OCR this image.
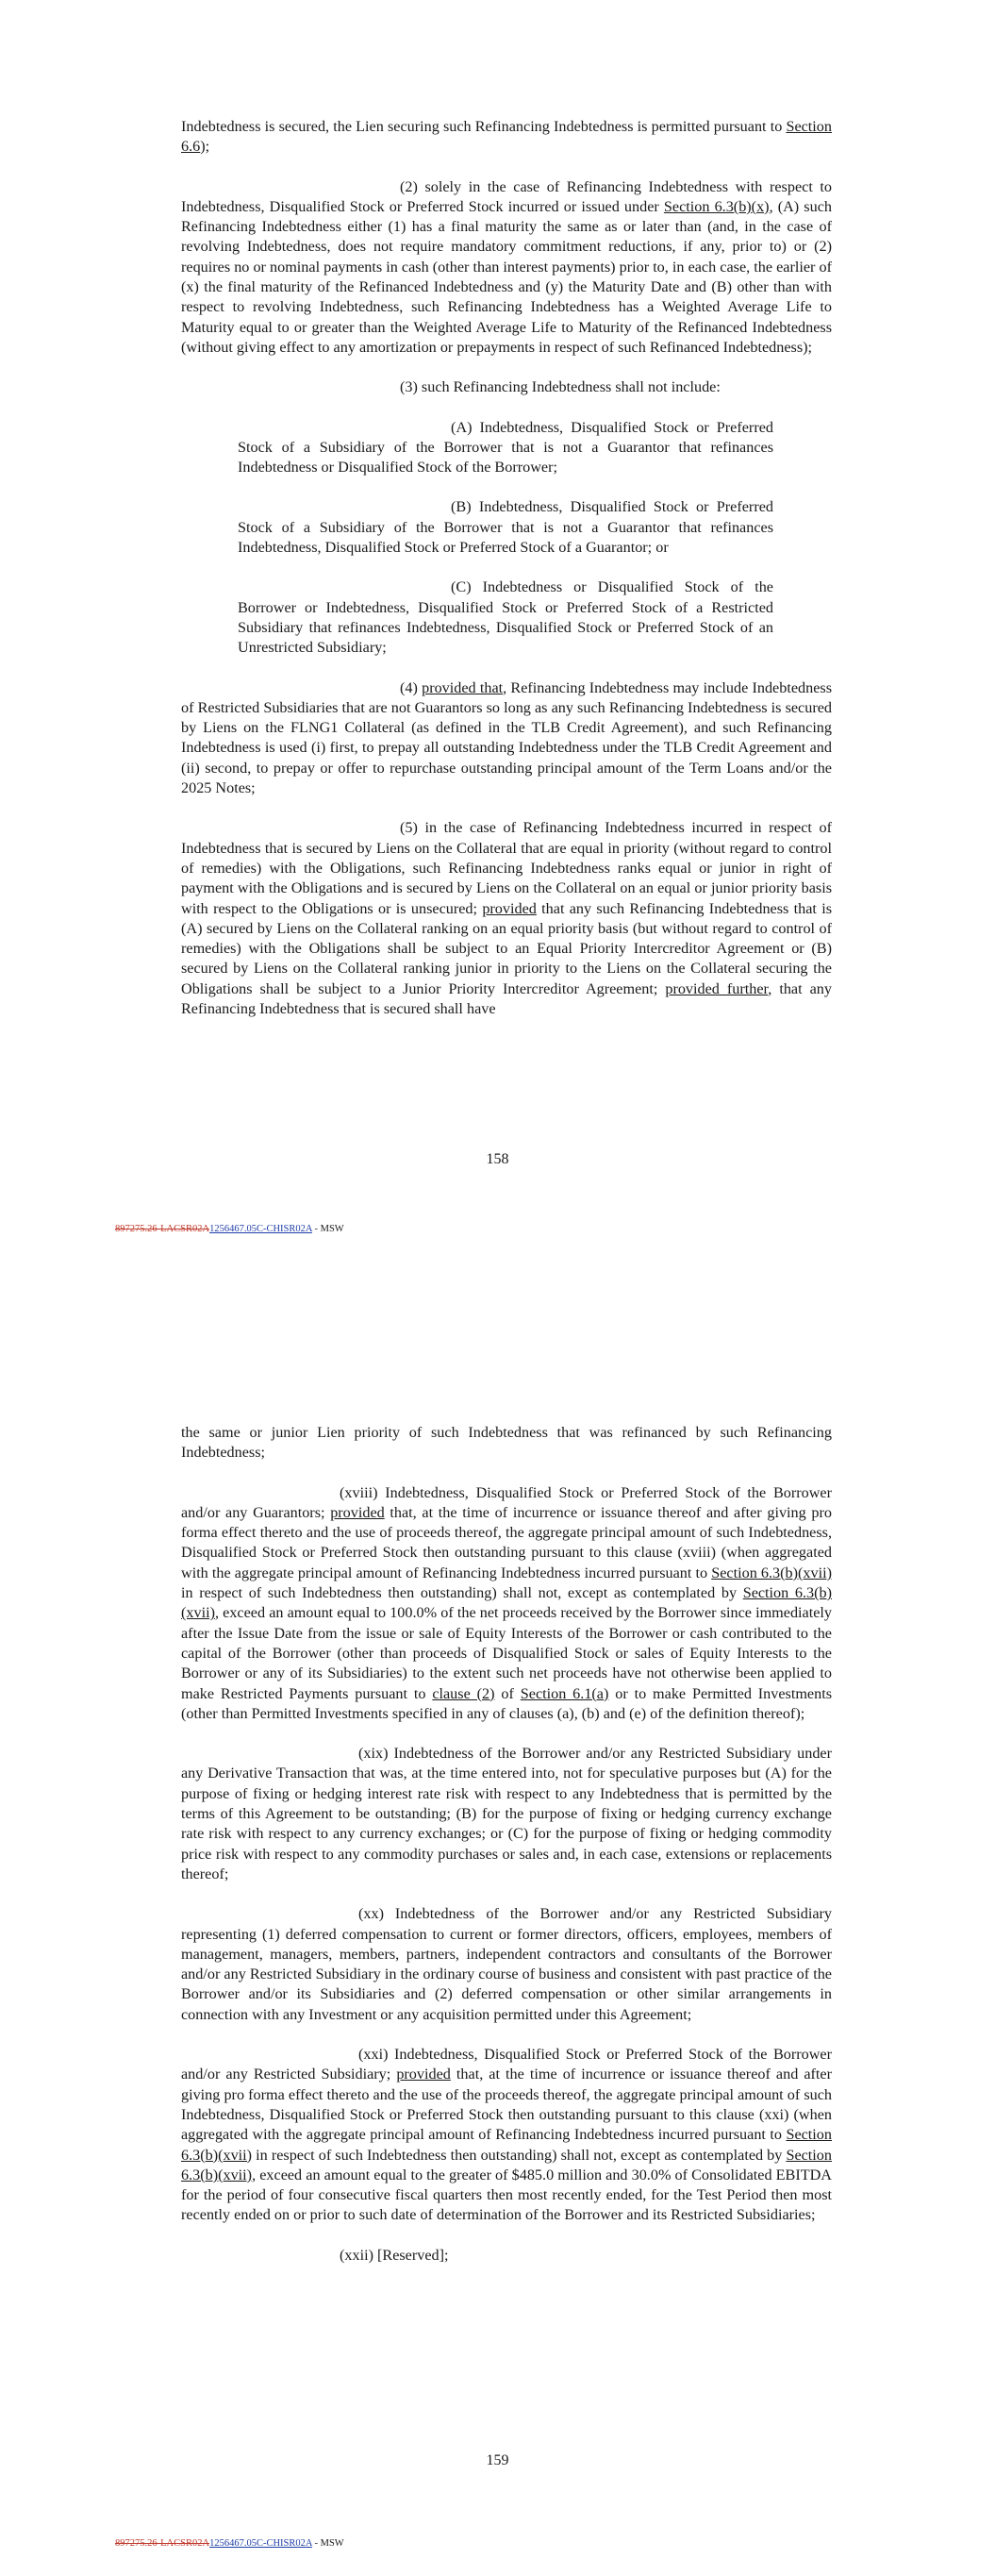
Indebtedness is secured, the Lien securing such Refinancing Indebtedness is permitted pursuant to Section 6.6);

(2) solely in the case of Refinancing Indebtedness with respect to Indebtedness, Disqualified Stock or Preferred Stock incurred or issued under Section 6.3(b)(x), (A) such Refinancing Indebtedness either (1) has a final maturity the same as or later than (and, in the case of revolving Indebtedness, does not require mandatory commitment reductions, if any, prior to) or (2) requires no or nominal payments in cash (other than interest payments) prior to, in each case, the earlier of (x) the final maturity of the Refinanced Indebtedness and (y) the Maturity Date and (B) other than with respect to revolving Indebtedness, such Refinancing Indebtedness has a Weighted Average Life to Maturity equal to or greater than the Weighted Average Life to Maturity of the Refinanced Indebtedness (without giving effect to any amortization or prepayments in respect of such Refinanced Indebtedness);

(3) such Refinancing Indebtedness shall not include:

(A) Indebtedness, Disqualified Stock or Preferred Stock of a Subsidiary of the Borrower that is not a Guarantor that refinances Indebtedness or Disqualified Stock of the Borrower;

(B) Indebtedness, Disqualified Stock or Preferred Stock of a Subsidiary of the Borrower that is not a Guarantor that refinances Indebtedness, Disqualified Stock or Preferred Stock of a Guarantor; or

(C) Indebtedness or Disqualified Stock of the Borrower or Indebtedness, Disqualified Stock or Preferred Stock of a Restricted Subsidiary that refinances Indebtedness, Disqualified Stock or Preferred Stock of an Unrestricted Subsidiary;

(4) provided that, Refinancing Indebtedness may include Indebtedness of Restricted Subsidiaries that are not Guarantors so long as any such Refinancing Indebtedness is secured by Liens on the FLNG1 Collateral (as defined in the TLB Credit Agreement), and such Refinancing Indebtedness is used (i) first, to prepay all outstanding Indebtedness under the TLB Credit Agreement and (ii) second, to prepay or offer to repurchase outstanding principal amount of the Term Loans and/or the 2025 Notes;

(5) in the case of Refinancing Indebtedness incurred in respect of Indebtedness that is secured by Liens on the Collateral that are equal in priority (without regard to control of remedies) with the Obligations, such Refinancing Indebtedness ranks equal or junior in right of payment with the Obligations and is secured by Liens on the Collateral on an equal or junior priority basis with respect to the Obligations or is unsecured; provided that any such Refinancing Indebtedness that is (A) secured by Liens on the Collateral ranking on an equal priority basis (but without regard to control of remedies) with the Obligations shall be subject to an Equal Priority Intercreditor Agreement or (B) secured by Liens on the Collateral ranking junior in priority to the Liens on the Collateral securing the Obligations shall be subject to a Junior Priority Intercreditor Agreement; provided further, that any Refinancing Indebtedness that is secured shall have

158
897275.26-LACSR02A1256467.05C-CHISR02A - MSW

the same or junior Lien priority of such Indebtedness that was refinanced by such Refinancing Indebtedness;

(xviii) Indebtedness, Disqualified Stock or Preferred Stock of the Borrower and/or any Guarantors; provided that, at the time of incurrence or issuance thereof and after giving pro forma effect thereto and the use of proceeds thereof, the aggregate principal amount of such Indebtedness, Disqualified Stock or Preferred Stock then outstanding pursuant to this clause (xviii) (when aggregated with the aggregate principal amount of Refinancing Indebtedness incurred pursuant to Section 6.3(b)(xvii) in respect of such Indebtedness then outstanding) shall not, except as contemplated by Section 6.3(b)(xvii), exceed an amount equal to 100.0% of the net proceeds received by the Borrower since immediately after the Issue Date from the issue or sale of Equity Interests of the Borrower or cash contributed to the capital of the Borrower (other than proceeds of Disqualified Stock or sales of Equity Interests to the Borrower or any of its Subsidiaries) to the extent such net proceeds have not otherwise been applied to make Restricted Payments pursuant to clause (2) of Section 6.1(a) or to make Permitted Investments (other than Permitted Investments specified in any of clauses (a), (b) and (e) of the definition thereof);

(xix) Indebtedness of the Borrower and/or any Restricted Subsidiary under any Derivative Transaction that was, at the time entered into, not for speculative purposes but (A) for the purpose of fixing or hedging interest rate risk with respect to any Indebtedness that is permitted by the terms of this Agreement to be outstanding; (B) for the purpose of fixing or hedging currency exchange rate risk with respect to any currency exchanges; or (C) for the purpose of fixing or hedging commodity price risk with respect to any commodity purchases or sales and, in each case, extensions or replacements thereof;

(xx) Indebtedness of the Borrower and/or any Restricted Subsidiary representing (1) deferred compensation to current or former directors, officers, employees, members of management, managers, members, partners, independent contractors and consultants of the Borrower and/or any Restricted Subsidiary in the ordinary course of business and consistent with past practice of the Borrower and/or its Subsidiaries and (2) deferred compensation or other similar arrangements in connection with any Investment or any acquisition permitted under this Agreement;

(xxi) Indebtedness, Disqualified Stock or Preferred Stock of the Borrower and/or any Restricted Subsidiary; provided that, at the time of incurrence or issuance thereof and after giving pro forma effect thereto and the use of the proceeds thereof, the aggregate principal amount of such Indebtedness, Disqualified Stock or Preferred Stock then outstanding pursuant to this clause (xxi) (when aggregated with the aggregate principal amount of Refinancing Indebtedness incurred pursuant to Section 6.3(b)(xvii) in respect of such Indebtedness then outstanding) shall not, except as contemplated by Section 6.3(b)(xvii), exceed an amount equal to the greater of $485.0 million and 30.0% of Consolidated EBITDA for the period of four consecutive fiscal quarters then most recently ended, for the Test Period then most recently ended on or prior to such date of determination of the Borrower and its Restricted Subsidiaries;

(xxii) [Reserved];

159
897275.26-LACSR02A1256467.05C-CHISR02A - MSW
